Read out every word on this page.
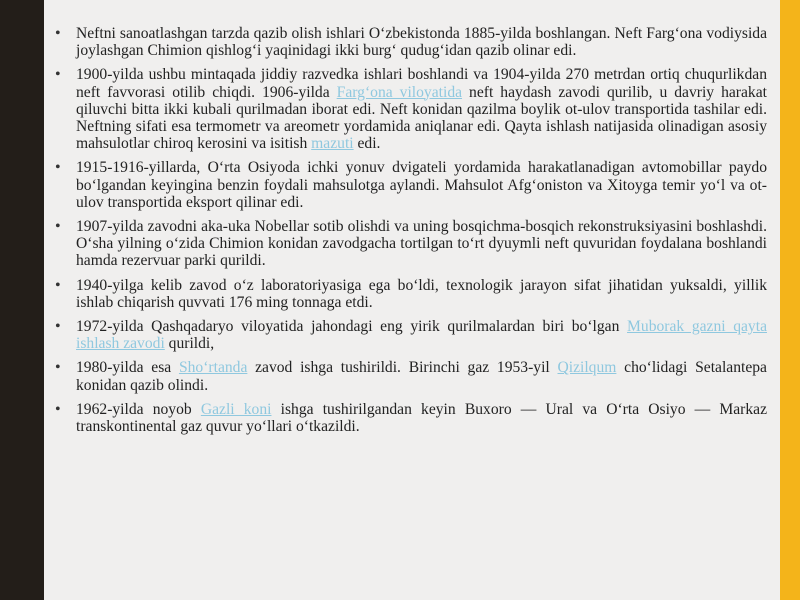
• Neftni sanoatlashgan tarzda qazib olish ishlari O‘zbekistonda 1885-yilda boshlangan. Neft Farg‘ona vodiysida joylashgan Chimion qishlog‘i yaqinidagi ikki burg‘ qudug‘idan qazib olinar edi.
• 1900-yilda ushbu mintaqada jiddiy razvedka ishlari boshlandi va 1904-yilda 270 metrdan ortiq chuqurlikdan neft favvorasi otilib chiqdi. 1906-yilda Farg‘ona viloyatida neft haydash zavodi qurilib, u davriy harakat qiluvchi bitta ikki kubali qurilmadan iborat edi. Neft konidan qazilma boylik ot-ulov transportida tashilar edi. Neftning sifati esa termometr va areometr yordamida aniqlanar edi. Qayta ishlash natijasida olinadigan asosiy mahsulotlar chiroq kerosini va isitish mazuti edi.
• 1915-1916-yillarda, O‘rta Osiyoda ichki yonuv dvigateli yordamida harakatlanadigan avtomobillar paydo bo‘lgandan keyingina benzin foydali mahsulotga aylandi. Mahsulot Afg‘oniston va Xitoyga temir yo‘l va ot-ulov transportida eksport qilinar edi.
• 1907-yilda zavodni aka-uka Nobellar sotib olishdi va uning bosqichma-bosqich rekonstruksiyasini boshlashdi. O‘sha yilning o‘zida Chimion konidan zavodgacha tortilgan to‘rt dyuymli neft quvuridan foydalana boshlandi hamda rezervuar parki qurildi.
• 1940-yilga kelib zavod o‘z laboratoriyasiga ega bo‘ldi, texnologik jarayon sifat jihatidan yuksaldi, yillik ishlab chiqarish quvvati 176 ming tonnaga etdi.
• 1972-yilda Qashqadaryo viloyatida jahondagi eng yirik qurilmalardan biri bo‘lgan Muborak gazni qayta ishlash zavodi qurildi,
• 1980-yilda esa Sho‘rtanda zavod ishga tushirildi. Birinchi gaz 1953-yil Qizilqum cho‘lidagi Setalantepa konidan qazib olindi.
• 1962-yilda noyob Gazli koni ishga tushirilgandan keyin Buxoro — Ural va O‘rta Osiyo — Markaz transkontinental gaz quvur yo‘llari o‘tkazildi.
